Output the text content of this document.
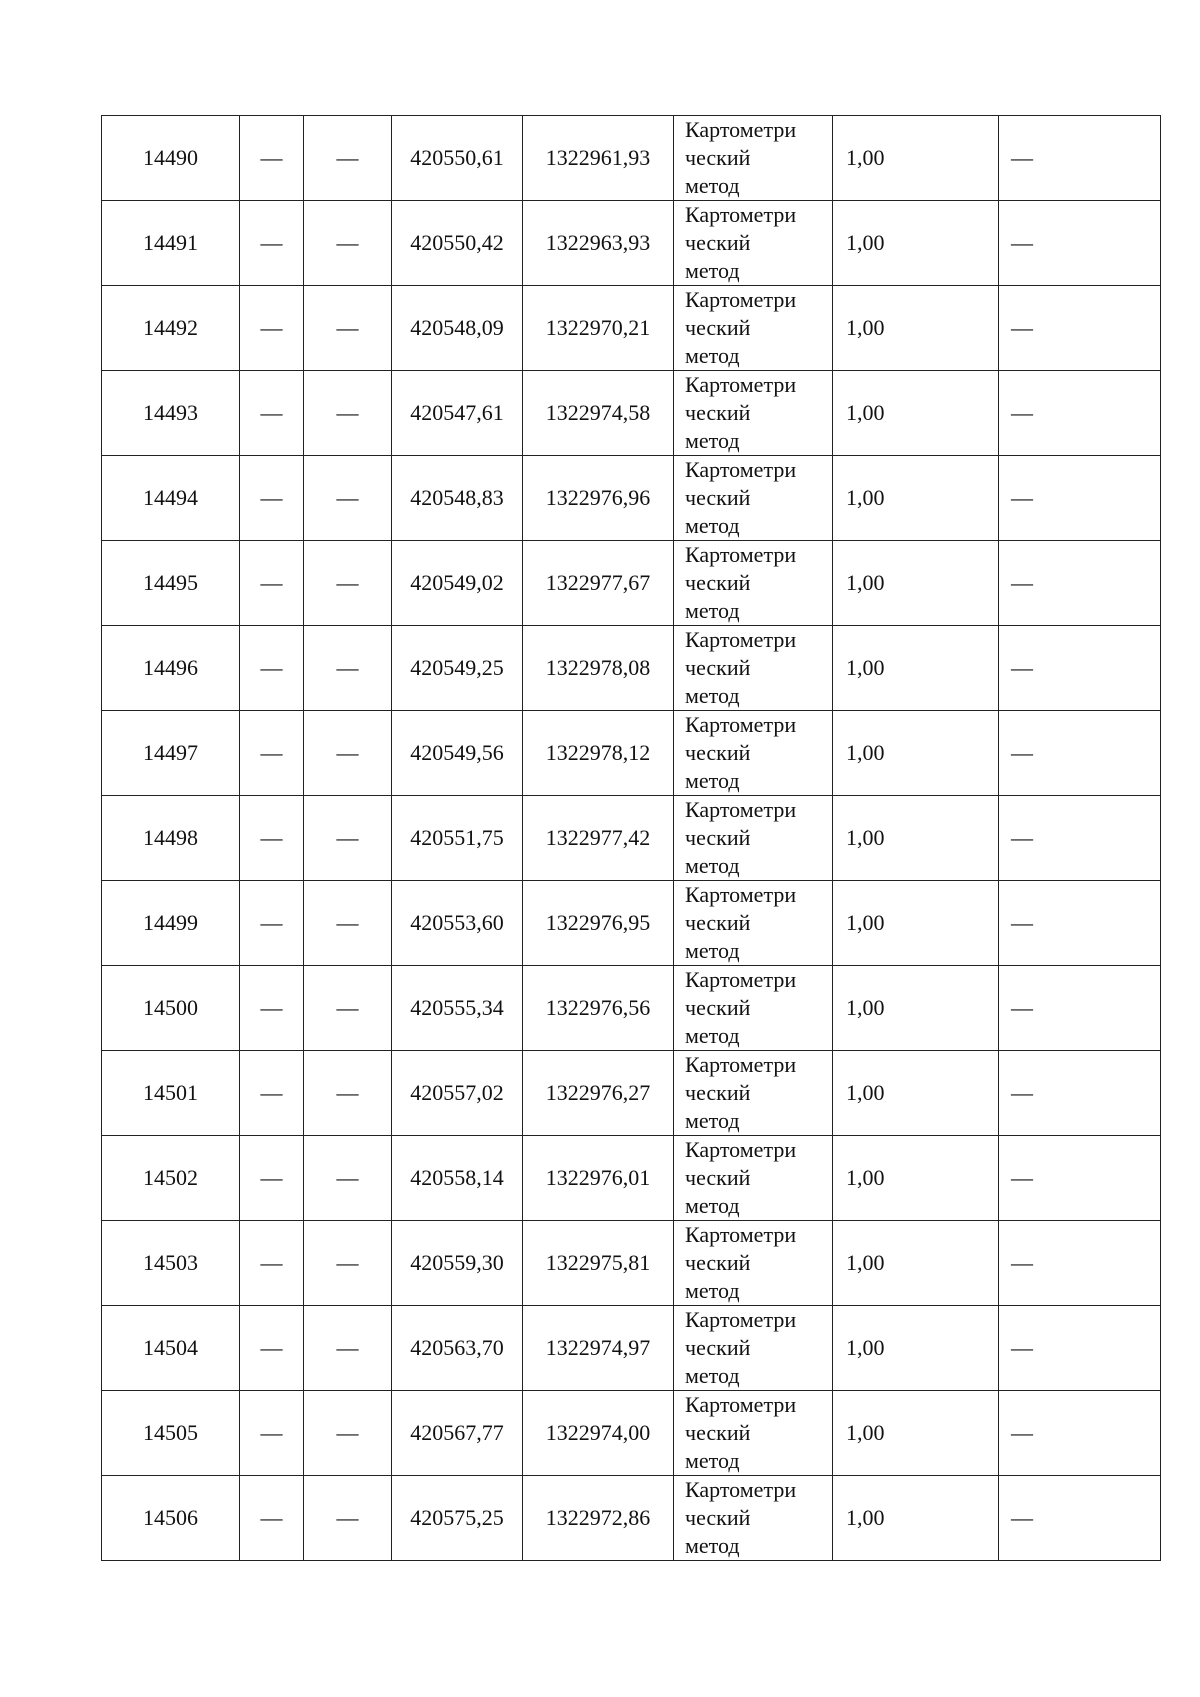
14490	—	—	420550,61	1322961,93	Картометри
ческий
метод	1,00	—
14491	—	—	420550,42	1322963,93	Картометри
ческий
метод	1,00	—
14492	—	—	420548,09	1322970,21	Картометри
ческий
метод	1,00	—
14493	—	—	420547,61	1322974,58	Картометри
ческий
метод	1,00	—
14494	—	—	420548,83	1322976,96	Картометри
ческий
метод	1,00	—
14495	—	—	420549,02	1322977,67	Картометри
ческий
метод	1,00	—
14496	—	—	420549,25	1322978,08	Картометри
ческий
метод	1,00	—
14497	—	—	420549,56	1322978,12	Картометри
ческий
метод	1,00	—
14498	—	—	420551,75	1322977,42	Картометри
ческий
метод	1,00	—
14499	—	—	420553,60	1322976,95	Картометри
ческий
метод	1,00	—
14500	—	—	420555,34	1322976,56	Картометри
ческий
метод	1,00	—
14501	—	—	420557,02	1322976,27	Картометри
ческий
метод	1,00	—
14502	—	—	420558,14	1322976,01	Картометри
ческий
метод	1,00	—
14503	—	—	420559,30	1322975,81	Картометри
ческий
метод	1,00	—
14504	—	—	420563,70	1322974,97	Картометри
ческий
метод	1,00	—
14505	—	—	420567,77	1322974,00	Картометри
ческий
метод	1,00	—
14506	—	—	420575,25	1322972,86	Картометри
ческий
метод	1,00	—
